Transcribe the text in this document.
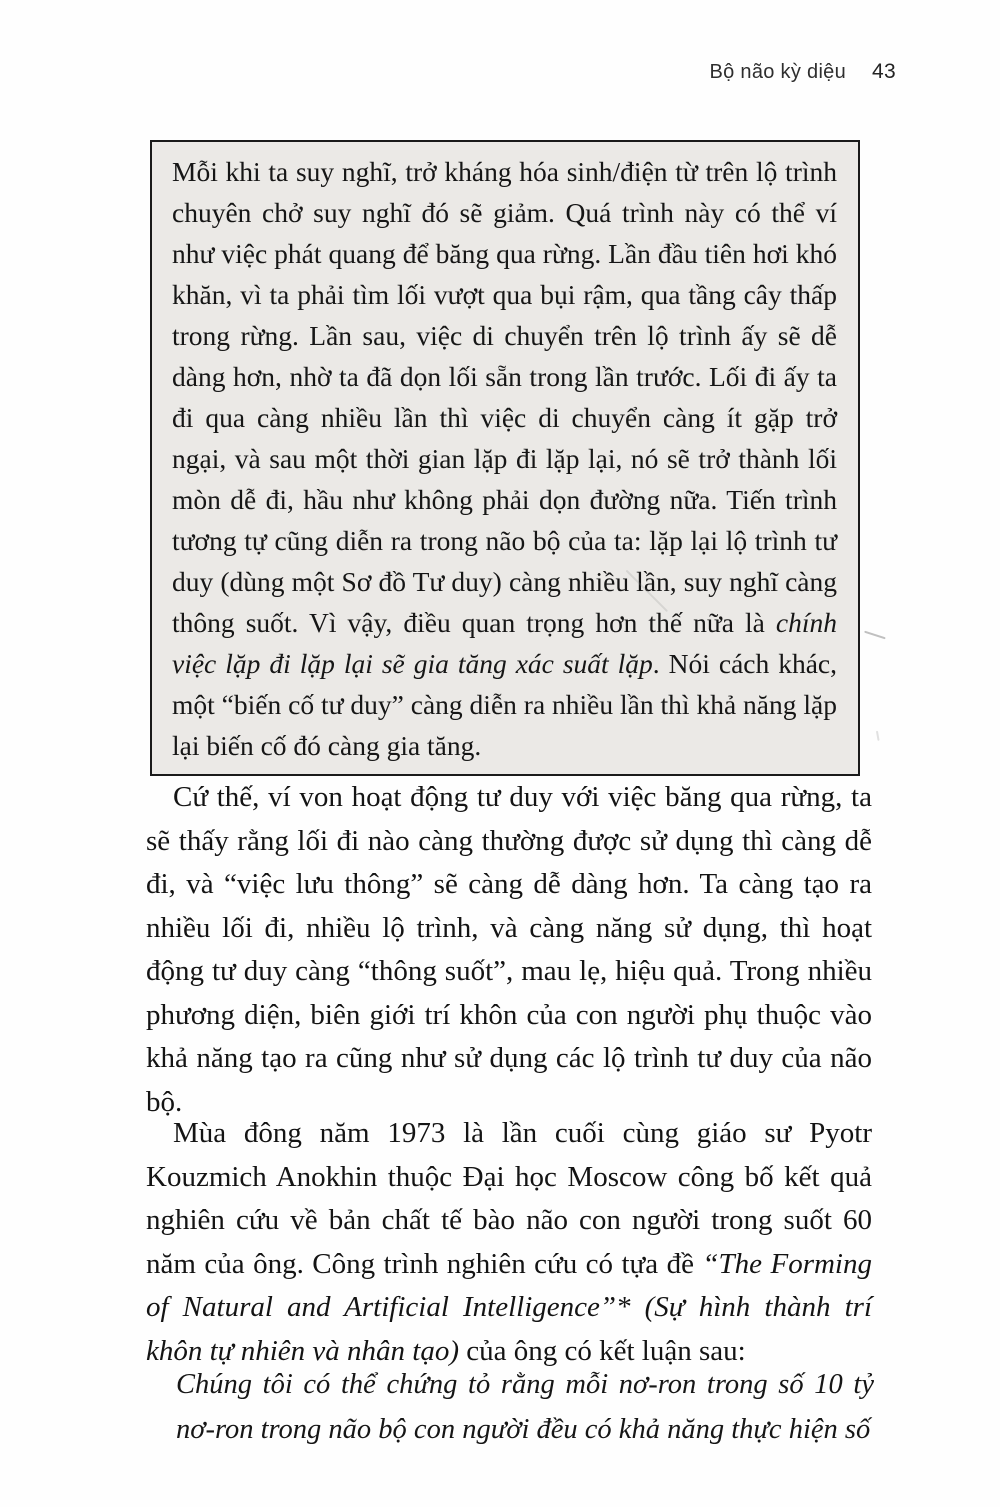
Bộ não kỳ diệu 43

Mỗi khi ta suy nghĩ, trở kháng hóa sinh/điện từ trên lộ trình chuyên chở suy nghĩ đó sẽ giảm. Quá trình này có thể ví như việc phát quang để băng qua rừng. Lần đầu tiên hơi khó khăn, vì ta phải tìm lối vượt qua bụi rậm, qua tầng cây thấp trong rừng. Lần sau, việc di chuyển trên lộ trình ấy sẽ dễ dàng hơn, nhờ ta đã dọn lối sẵn trong lần trước. Lối đi ấy ta đi qua càng nhiều lần thì việc di chuyển càng ít gặp trở ngại, và sau một thời gian lặp đi lặp lại, nó sẽ trở thành lối mòn dễ đi, hầu như không phải dọn đường nữa. Tiến trình tương tự cũng diễn ra trong não bộ của ta: lặp lại lộ trình tư duy (dùng một Sơ đồ Tư duy) càng nhiều lần, suy nghĩ càng thông suốt. Vì vậy, điều quan trọng hơn thế nữa là chính việc lặp đi lặp lại sẽ gia tăng xác suất lặp. Nói cách khác, một “biến cố tư duy” càng diễn ra nhiều lần thì khả năng lặp lại biến cố đó càng gia tăng.

Cứ thế, ví von hoạt động tư duy với việc băng qua rừng, ta sẽ thấy rằng lối đi nào càng thường được sử dụng thì càng dễ đi, và “việc lưu thông” sẽ càng dễ dàng hơn. Ta càng tạo ra nhiều lối đi, nhiều lộ trình, và càng năng sử dụng, thì hoạt động tư duy càng “thông suốt”, mau lẹ, hiệu quả. Trong nhiều phương diện, biên giới trí khôn của con người phụ thuộc vào khả năng tạo ra cũng như sử dụng các lộ trình tư duy của não bộ.

Mùa đông năm 1973 là lần cuối cùng giáo sư Pyotr Kouzmich Anokhin thuộc Đại học Moscow công bố kết quả nghiên cứu về bản chất tế bào não con người trong suốt 60 năm của ông. Công trình nghiên cứu có tựa đề “The Forming of Natural and Artificial Intelligence”* (Sự hình thành trí khôn tự nhiên và nhân tạo) của ông có kết luận sau:

Chúng tôi có thể chứng tỏ rằng mỗi nơ-ron trong số 10 tỷ nơ-ron trong não bộ con người đều có khả năng thực hiện số
